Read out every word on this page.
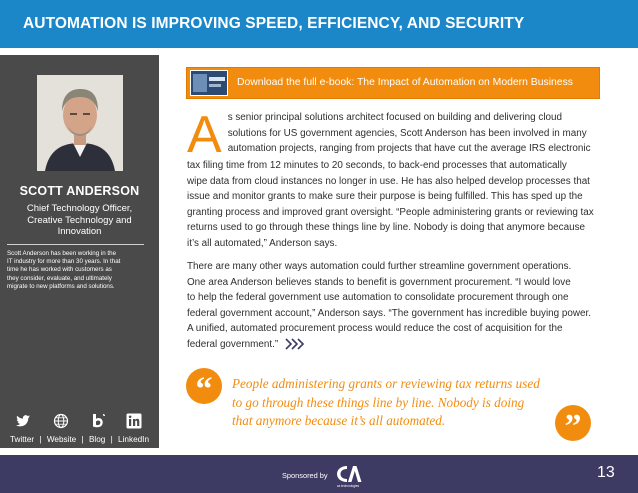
AUTOMATION IS IMPROVING SPEED, EFFICIENCY, AND SECURITY
SCOTT ANDERSON
Chief Technology Officer,
Creative Technology and
Innovation
Scott Anderson has been working in the
IT industry for more than 30 years. In that
time he has worked with customers as
they consider, evaluate, and ultimately
migrate to new platforms and solutions.
Twitter | Website | Blog | LinkedIn
Download the full e-book: The Impact of Automation on Modern Business
A s senior principal solutions architect focused on building and delivering cloud
solutions for US government agencies, Scott Anderson has been involved in many
automation projects, ranging from projects that have cut the average IRS electronic
tax filing time from 12 minutes to 20 seconds, to back-end processes that automatically
wipe data from cloud instances no longer in use. He has also helped develop processes that
issue and monitor grants to make sure their purpose is being fulfilled. This has sped up the
granting process and improved grant oversight. “People administering grants or reviewing tax
returns used to go through these things line by line. Nobody is doing that anymore because
it’s all automated,” Anderson says.
There are many other ways automation could further streamline government operations.
One area Anderson believes stands to benefit is government procurement. “I would love
to help the federal government use automation to consolidate procurement through one
federal government account,” Anderson says. “The government has incredible buying power.
A unified, automated procurement process would reduce the cost of acquisition for the
federal government.”
“	People administering grants or reviewing tax returns used
to go through these things line by line. Nobody is doing
that anymore because it’s all automated.	”
Sponsored by
ca technologies
13
